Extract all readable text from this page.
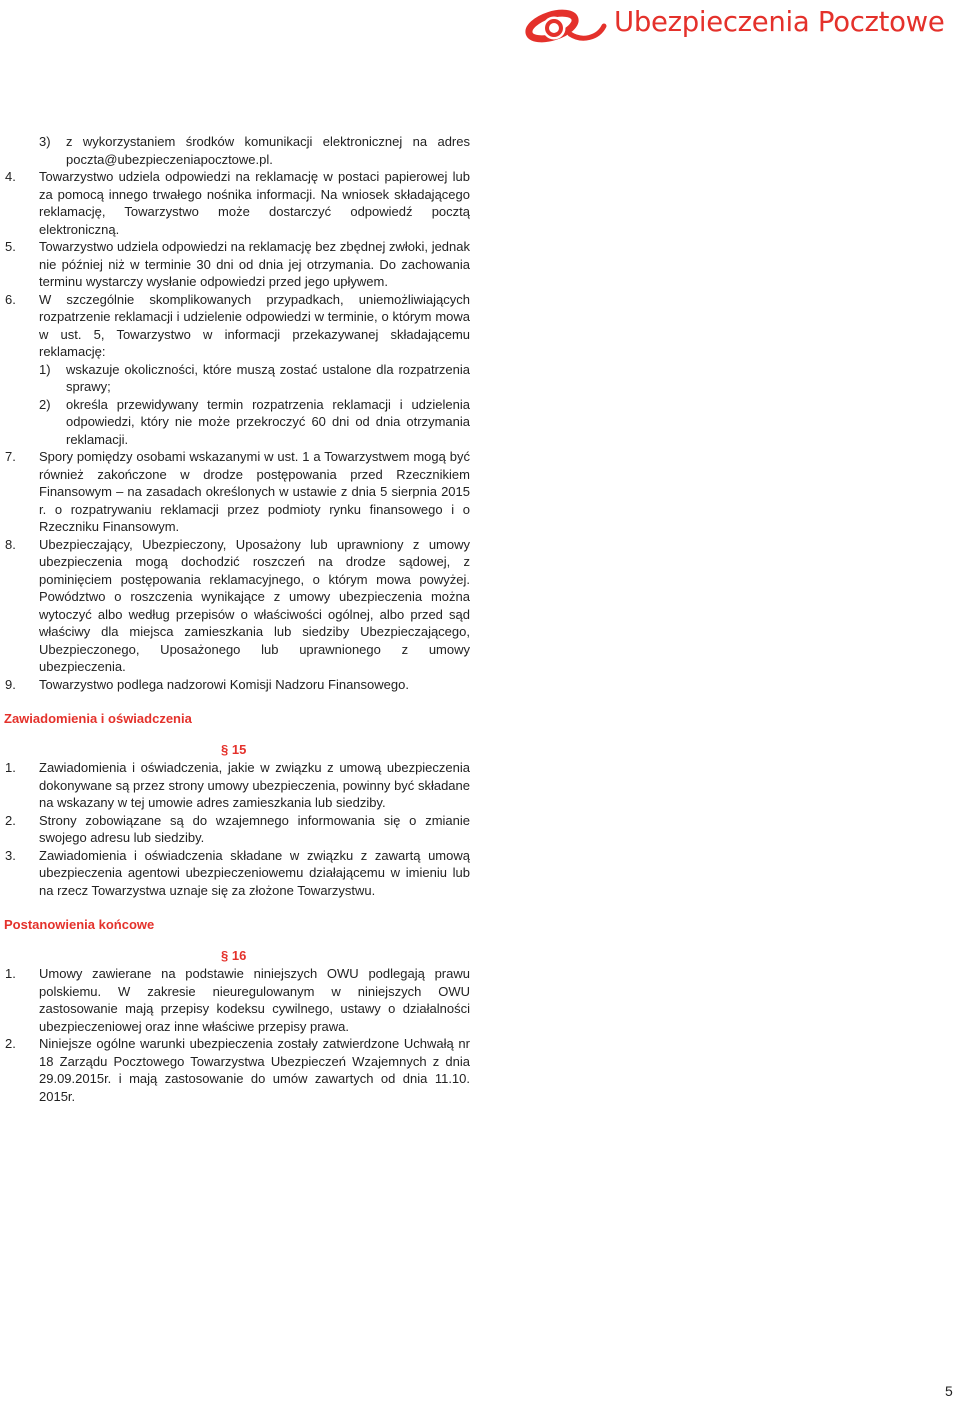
Ubezpieczenia Pocztowe
3) z wykorzystaniem środków komunikacji elektronicznej na adres poczta@ubezpieczeniapocztowe.pl.
4. Towarzystwo udziela odpowiedzi na reklamację w postaci papierowej lub za pomocą innego trwałego nośnika informacji. Na wniosek składającego reklamację, Towarzystwo może dostarczyć odpowiedź pocztą elektroniczną.
5. Towarzystwo udziela odpowiedzi na reklamację bez zbędnej zwłoki, jednak nie później niż w terminie 30 dni od dnia jej otrzymania. Do zachowania terminu wystarczy wysłanie odpowiedzi przed jego upływem.
6. W szczególnie skomplikowanych przypadkach, uniemożliwiających rozpatrzenie reklamacji i udzielenie odpowiedzi w terminie, o którym mowa w ust. 5, Towarzystwo w informacji przekazywanej składającemu reklamację:
1) wskazuje okoliczności, które muszą zostać ustalone dla rozpatrzenia sprawy;
2) określa przewidywany termin rozpatrzenia reklamacji i udzielenia odpowiedzi, który nie może przekroczyć 60 dni od dnia otrzymania reklamacji.
7. Spory pomiędzy osobami wskazanymi w ust. 1 a Towarzystwem mogą być również zakończone w drodze postępowania przed Rzecznikiem Finansowym – na zasadach określonych w ustawie z dnia 5 sierpnia 2015 r. o rozpatrywaniu reklamacji przez podmioty rynku finansowego i o Rzeczniku Finansowym.
8. Ubezpieczający, Ubezpieczony, Uposażony lub uprawniony z umowy ubezpieczenia mogą dochodzić roszczeń na drodze sądowej, z pominięciem postępowania reklamacyjnego, o którym mowa powyżej. Powództwo o roszczenia wynikające z umowy ubezpieczenia można wytoczyć albo według przepisów o właściwości ogólnej, albo przed sąd właściwy dla miejsca zamieszkania lub siedziby Ubezpieczającego, Ubezpieczonego, Uposażonego lub uprawnionego z umowy ubezpieczenia.
9. Towarzystwo podlega nadzorowi Komisji Nadzoru Finansowego.
Zawiadomienia i oświadczenia
§ 15
1. Zawiadomienia i oświadczenia, jakie w związku z umową ubezpieczenia dokonywane są przez strony umowy ubezpieczenia, powinny być składane na wskazany w tej umowie adres zamieszkania lub siedziby.
2. Strony zobowiązane są do wzajemnego informowania się o zmianie swojego adresu lub siedziby.
3. Zawiadomienia i oświadczenia składane w związku z zawartą umową ubezpieczenia agentowi ubezpieczeniowemu działającemu w imieniu lub na rzecz Towarzystwa uznaje się za złożone Towarzystwu.
Postanowienia końcowe
§ 16
1. Umowy zawierane na podstawie niniejszych OWU podlegają prawu polskiemu. W zakresie nieuregulowanym w niniejszych OWU zastosowanie mają przepisy kodeksu cywilnego, ustawy o działalności ubezpieczeniowej oraz inne właściwe przepisy prawa.
2. Niniejsze ogólne warunki ubezpieczenia zostały zatwierdzone Uchwałą nr 18 Zarządu Pocztowego Towarzystwa Ubezpieczeń Wzajemnych z dnia 29.09.2015r. i mają zastosowanie do umów zawartych od dnia 11.10. 2015r.
5
